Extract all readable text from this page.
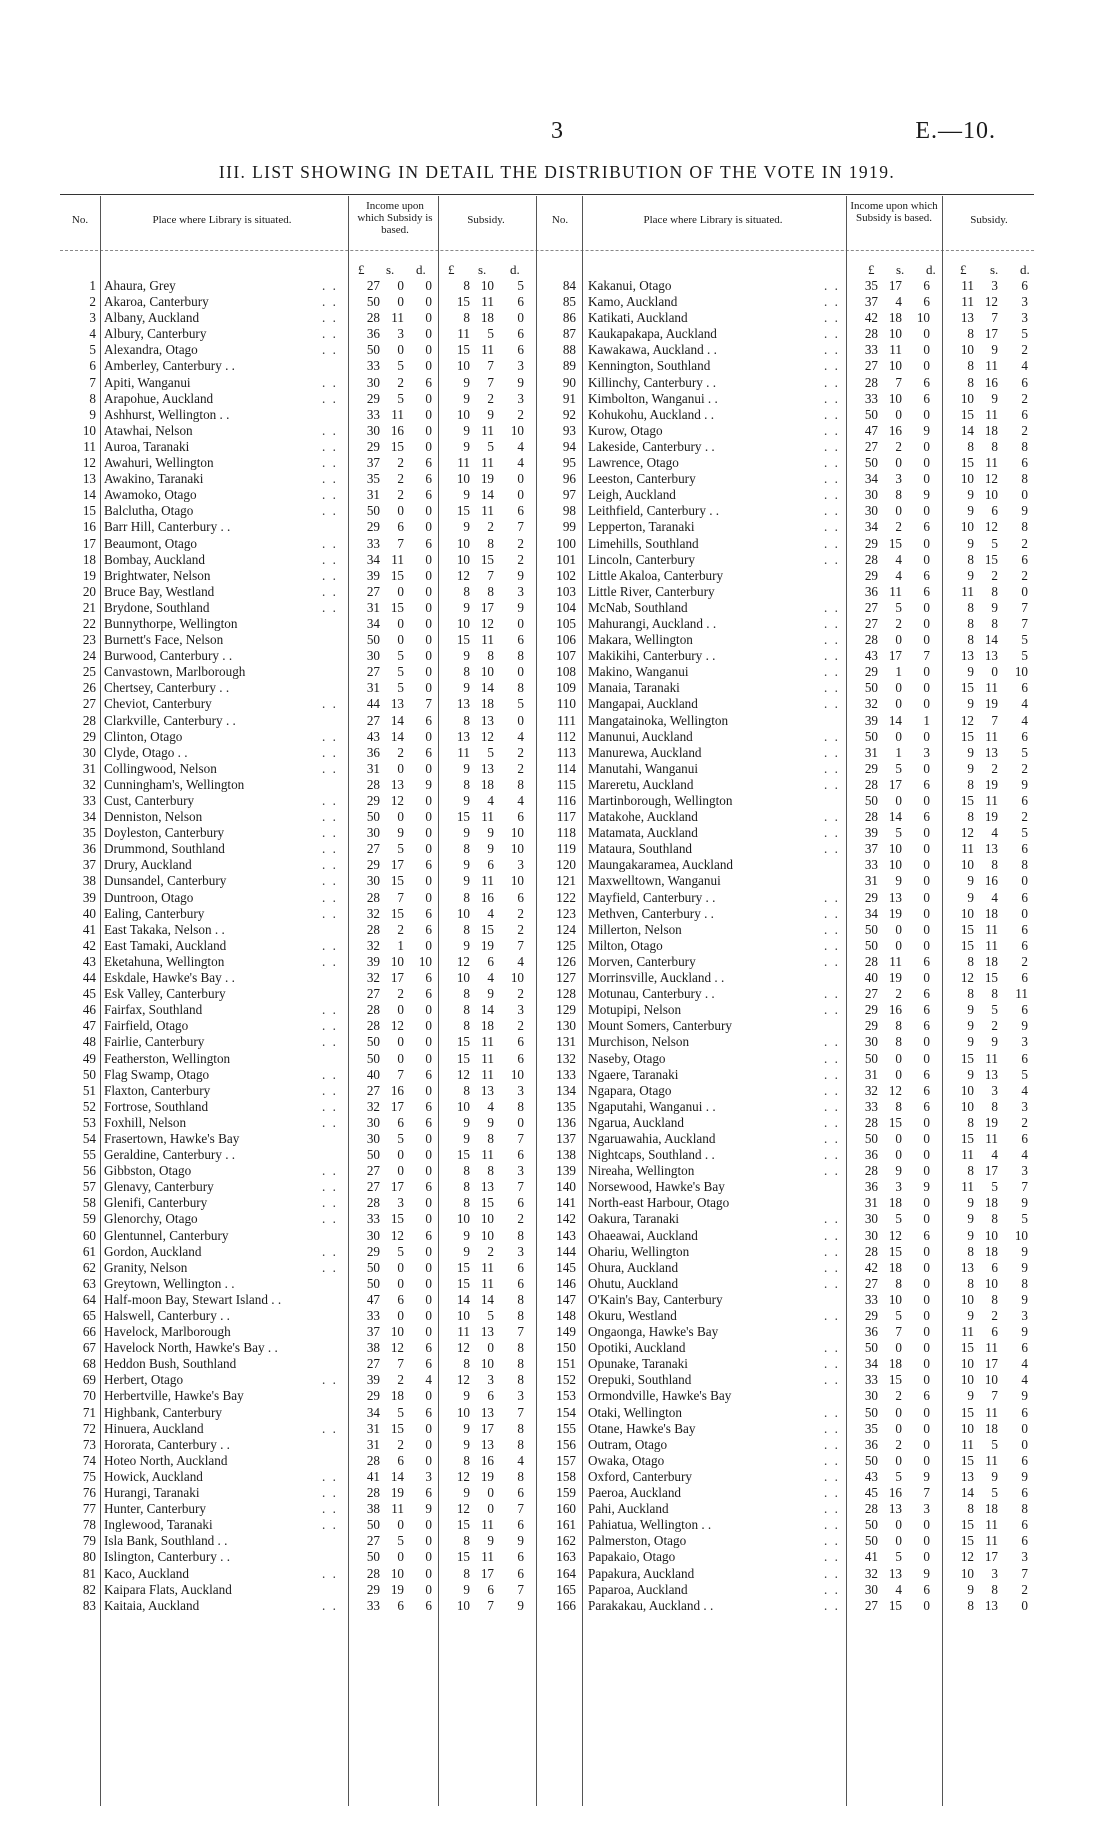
3	E.—10.
III. LIST SHOWING IN DETAIL THE DISTRIBUTION OF THE VOTE IN 1919.
No.	Place where Library is situated.
Income upon which Subsidy is based.
Subsidy.	No.	Place where Library is situated.
Income upon which Subsidy is based.	Subsidy.
£ s. d. £ s. d.	£ s. d. £ s. d.
1 Ahaura, Grey	. .	27	0	0	8 10	5	84 Kakanui, Otago	. .	35 17	6	11	3	6
2 Akaroa, Canterbury	. .	50	0	0	15 11	6	85 Kamo, Auckland	. .	37	4	6	11 12	3
3 Albany, Auckland	. .	28 11	0	8 18	0	86 Katikati, Auckland	. .	42 18	10	13	7	3
4 Albury, Canterbury	. .	36	3	0	11	5	6	87 Kaukapakapa, Auckland	. .	28 10	0	8 17	5
5 Alexandra, Otago	. .	50	0	0	15 11	6	88 Kawakawa, Auckland . .	. .	33 11	0	10	9	2
6 Amberley, Canterbury . .	33	5	0	10	7	3	89 Kennington, Southland	. .	27 10	0	8 11	4
7 Apiti, Wanganui	. .	30	2	6	9	7	9	90 Killinchy, Canterbury . .	. .	28	7	6	8 16	6
8 Arapohue, Auckland	. .	29	5	0	9	2	3	91 Kimbolton, Wanganui . .	. .	33 10	6	10	9	2
9 Ashhurst, Wellington . .	33 11	0	10	9	2	92 Kohukohu, Auckland . .	. .	50	0	0	15 11	6
10 Atawhai, Nelson	. .	30 16	0	9 11	10	93 Kurow, Otago	. .	47 16	9	14 18	2
11 Auroa, Taranaki	. .	29 15	0	9	5	4	94 Lakeside, Canterbury . .	. .	27	2	0	8	8	8
12 Awahuri, Wellington	. .	37	2	6	11 11	4	95 Lawrence, Otago	. .	50	0	0	15 11	6
13 Awakino, Taranaki	. .	35	2	6	10 19	0	96 Leeston, Canterbury	. .	34	3	0	10 12	8
14 Awamoko, Otago	. .	31	2	6	9 14	0	97 Leigh, Auckland	. .	30	8	9	9 10	0
15 Balclutha, Otago	. .	50	0	0	15 11	6	98 Leithfield, Canterbury . .	. .	30	0	0	9	6	9
16 Barr Hill, Canterbury . .	29	6	0	9	2	7	99 Lepperton, Taranaki	. .	34	2	6	10 12	8
17 Beaumont, Otago	. .	33	7	6	10	8	2	100 Limehills, Southland	. .	29 15	0	9	5	2
18 Bombay, Auckland	. .	34 11	0	10 15	2	101 Lincoln, Canterbury	. .	28	4	0	8 15	6
19 Brightwater, Nelson	. .	39 15	0	12	7	9	102 Little Akaloa, Canterbury	29	4	6	9	2	2
20 Bruce Bay, Westland	. .	27	0	0	8	8	3	103 Little River, Canterbury	36 11	6	11	8	0
21 Brydone, Southland	. .	31 15	0	9 17	9	104 McNab, Southland	. .	27	5	0	8	9	7
22 Bunnythorpe, Wellington	34	0	0	10 12	0	105 Mahurangi, Auckland . .	. .	27	2	0	8	8	7
23 Burnett's Face, Nelson	50	0	0	15 11	6	106 Makara, Wellington	. .	28	0	0	8 14	5
24 Burwood, Canterbury . .	30	5	0	9	8	8	107 Makikihi, Canterbury . .	. .	43 17	7	13 13	5
25 Canvastown, Marlborough	27	5	0	8 10	0	108 Makino, Wanganui	. .	29	1	0	9	0	10
26 Chertsey, Canterbury . .	31	5	0	9 14	8	109 Manaia, Taranaki	. .	50	0	0	15 11	6
27 Cheviot, Canterbury	. .	44 13	7	13 18	5	110 Mangapai, Auckland	. .	32	0	0	9 19	4
28 Clarkville, Canterbury . .	27 14	6	8 13	0	111 Mangatainoka, Wellington	39 14	1	12	7	4
29 Clinton, Otago	. .	43 14	0	13 12	4	112 Manunui, Auckland	. .	50	0	0	15 11	6
30 Clyde, Otago . .	. .	36	2	6	11	5	2	113 Manurewa, Auckland	. .	31	1	3	9 13	5
31 Collingwood, Nelson	. .	31	0	0	9 13	2	114 Manutahi, Wanganui	. .	29	5	0	9	2	2
32 Cunningham's, Wellington	28 13	9	8 18	8	115 Mareretu, Auckland	. .	28 17	6	8 19	9
33 Cust, Canterbury	. .	29 12	0	9	4	4	116 Martinborough, Wellington	50	0	0	15 11	6
34 Denniston, Nelson	. .	50	0	0	15 11	6	117 Matakohe, Auckland	. .	28 14	6	8 19	2
35 Doyleston, Canterbury	. .	30	9	0	9	9	10	118 Matamata, Auckland	. .	39	5	0	12	4	5
36 Drummond, Southland	. .	27	5	0	8	9	10	119 Mataura, Southland	. .	37 10	0	11 13	6
37 Drury, Auckland	. .	29 17	6	9	6	3	120 Maungakaramea, Auckland	33 10	0	10	8	8
38 Dunsandel, Canterbury	. .	30 15	0	9 11	10	121 Maxwelltown, Wanganui	31	9	0	9 16	0
39 Duntroon, Otago	. .	28	7	0	8 16	6	122 Mayfield, Canterbury . .	. .	29 13	0	9	4	6
40 Ealing, Canterbury	. .	32 15	6	10	4	2	123 Methven, Canterbury . .	. .	34 19	0	10 18	0
41 East Takaka, Nelson . .	28	2	6	8 15	2	124 Millerton, Nelson	. .	50	0	0	15 11	6
42 East Tamaki, Auckland	. .	32	1	0	9 19	7	125 Milton, Otago	. .	50	0	0	15 11	6
43 Eketahuna, Wellington	. .	39 10	10	12	6	4	126 Morven, Canterbury	. .	28 11	6	8 18	2
44 Eskdale, Hawke's Bay . .	32 17	6	10	4	10	127 Morrinsville, Auckland . .	40 19	0	12 15	6
45 Esk Valley, Canterbury	27	2	6	8	9	2	128 Motunau, Canterbury . .	. .	27	2	6	8	8	11
46 Fairfax, Southland	. .	28	0	0	8 14	3	129 Motupipi, Nelson	. .	29 16	6	9	5	6
47 Fairfield, Otago	. .	28 12	0	8 18	2	130 Mount Somers, Canterbury	29	8	6	9	2	9
48 Fairlie, Canterbury	. .	50	0	0	15 11	6	131 Murchison, Nelson	. .	30	8	0	9	9	3
49 Featherston, Wellington	50	0	0	15 11	6	132 Naseby, Otago	. .	50	0	0	15 11	6
50 Flag Swamp, Otago	. .	40	7	6	12 11	10	133 Ngaere, Taranaki	. .	31	0	6	9 13	5
51 Flaxton, Canterbury	. .	27 16	0	8 13	3	134 Ngapara, Otago	. .	32 12	6	10	3	4
52 Fortrose, Southland	. .	32 17	6	10	4	8	135 Ngaputahi, Wanganui . .	. .	33	8	6	10	8	3
53 Foxhill, Nelson	. .	30	6	6	9	9	0	136 Ngarua, Auckland	. .	28 15	0	8 19	2
54 Frasertown, Hawke's Bay	30	5	0	9	8	7	137 Ngaruawahia, Auckland	. .	50	0	0	15 11	6
55 Geraldine, Canterbury . .	50	0	0	15 11	6	138 Nightcaps, Southland . .	. .	36	0	0	11	4	4
56 Gibbston, Otago	. .	27	0	0	8	8	3	139 Nireaha, Wellington	. .	28	9	0	8 17	3
57 Glenavy, Canterbury	. .	27 17	6	8 13	7	140 Norsewood, Hawke's Bay	36	3	9	11	5	7
58 Glenifi, Canterbury	. .	28	3	0	8 15	6	141 North-east Harbour, Otago	31 18	0	9 18	9
59 Glenorchy, Otago	. .	33 15	0	10 10	2	142 Oakura, Taranaki	. .	30	5	0	9	8	5
60 Glentunnel, Canterbury	30 12	6	9 10	8	143 Ohaeawai, Auckland	. .	30 12	6	9 10	10
61 Gordon, Auckland	. .	29	5	0	9	2	3	144 Ohariu, Wellington	. .	28 15	0	8 18	9
62 Granity, Nelson	. .	50	0	0	15 11	6	145 Ohura, Auckland	. .	42 18	0	13	6	9
63 Greytown, Wellington . .	50	0	0	15 11	6	146 Ohutu, Auckland	. .	27	8	0	8 10	8
64 Half-moon Bay, Stewart Island . .	47	6	0	14 14	8	147 O'Kain's Bay, Canterbury	33 10	0	10	8	9
65 Halswell, Canterbury . .	33	0	0	10	5	8	148 Okuru, Westland	. .	29	5	0	9	2	3
66 Havelock, Marlborough	37 10	0	11 13	7	149 Ongaonga, Hawke's Bay	36	7	0	11	6	9
67 Havelock North, Hawke's Bay . .	38 12	6	12	0	8	150 Opotiki, Auckland	. .	50	0	0	15 11	6
68 Heddon Bush, Southland	27	7	6	8 10	8	151 Opunake, Taranaki	. .	34 18	0	10 17	4
69 Herbert, Otago	. .	39	2	4	12	3	8	152 Orepuki, Southland	. .	33 15	0	10 10	4
70 Herbertville, Hawke's Bay	29 18	0	9	6	3	153 Ormondville, Hawke's Bay	30	2	6	9	7	9
71 Highbank, Canterbury	34	5	6	10 13	7	154 Otaki, Wellington	. .	50	0	0	15 11	6
72 Hinuera, Auckland	. .	31 15	0	9 17	8	155 Otane, Hawke's Bay	. .	35	0	0	10 18	0
73 Hororata, Canterbury . .	31	2	0	9 13	8	156 Outram, Otago	. .	36	2	0	11	5	0
74 Hoteo North, Auckland	28	6	0	8 16	4	157 Owaka, Otago	. .	50	0	0	15 11	6
75 Howick, Auckland	. .	41 14	3	12 19	8	158 Oxford, Canterbury	. .	43	5	9	13	9	9
76 Hurangi, Taranaki	. .	28 19	6	9	0	6	159 Paeroa, Auckland	. .	45 16	7	14	5	6
77 Hunter, Canterbury	. .	38 11	9	12	0	7	160 Pahi, Auckland	. .	28 13	3	8 18	8
78 Inglewood, Taranaki	. .	50	0	0	15 11	6	161 Pahiatua, Wellington . .	. .	50	0	0	15 11	6
79 Isla Bank, Southland . .	27	5	0	8	9	9	162 Palmerston, Otago	. .	50	0	0	15 11	6
80 Islington, Canterbury . .	50	0	0	15 11	6	163 Papakaio, Otago	. .	41	5	0	12 17	3
81 Kaco, Auckland	. .	28 10	0	8 17	6	164 Papakura, Auckland	. .	32 13	9	10	3	7
82 Kaipara Flats, Auckland	29 19	0	9	6	7	165 Paparoa, Auckland	. .	30	4	6	9	8	2
83 Kaitaia, Auckland	. .	33	6	6	10	7	9	166 Parakakau, Auckland . .	. .	27 15	0	8 13	0
